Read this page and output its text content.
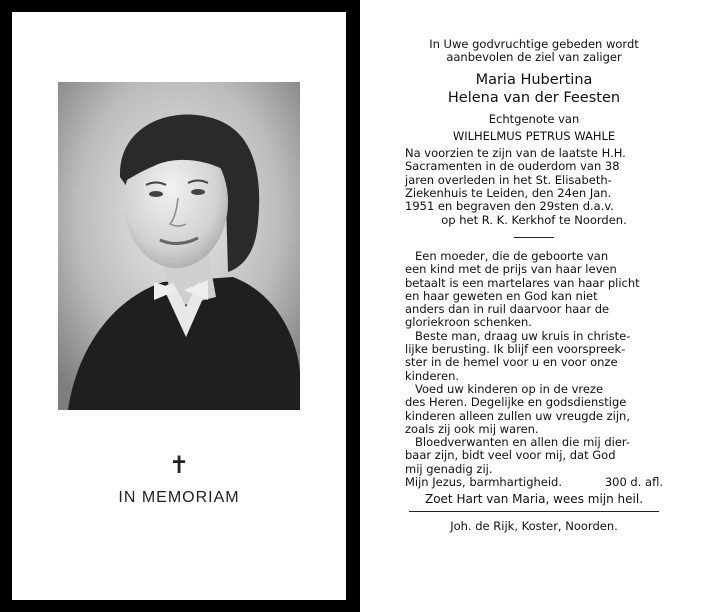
✝
IN MEMORIAM

In Uwe godvruchtige gebeden wordt

aanbevolen de ziel van zaliger

Maria Hubertina

Helena van der Feesten

Echtgenote van

WILHELMUS PETRUS WAHLE

Na voorzien te zijn van de laatste H.H.

Sacramenten in de ouderdom van 38

jaren overleden in het St. Elisabeth-

Ziekenhuis te Leiden, den 24en Jan.

1951 en begraven den 29sten d.a.v.

op het R. K. Kerkhof te Noorden.

Een moeder, die de geboorte van

een kind met de prijs van haar leven

betaalt is een martelares van haar plicht

en haar geweten en God kan niet

anders dan in ruil daarvoor haar de

gloriekroon schenken.

Beste man, draag uw kruis in christe-

lijke berusting. Ik blijf een voorspreek-

ster in de hemel voor u en voor onze

kinderen.

Voed uw kinderen op in de vreze

des Heren. Degelijke en godsdienstige

kinderen alleen zullen uw vreugde zijn,

zoals zij ook mij waren.

Bloedverwanten en allen die mij dier-

baar zijn, bidt veel voor mij, dat God

mij genadig zij.

Mijn Jezus, barmhartigheid.	300 d. afl.

Zoet Hart van Maria, wees mijn heil.

Joh. de Rijk, Koster, Noorden.
